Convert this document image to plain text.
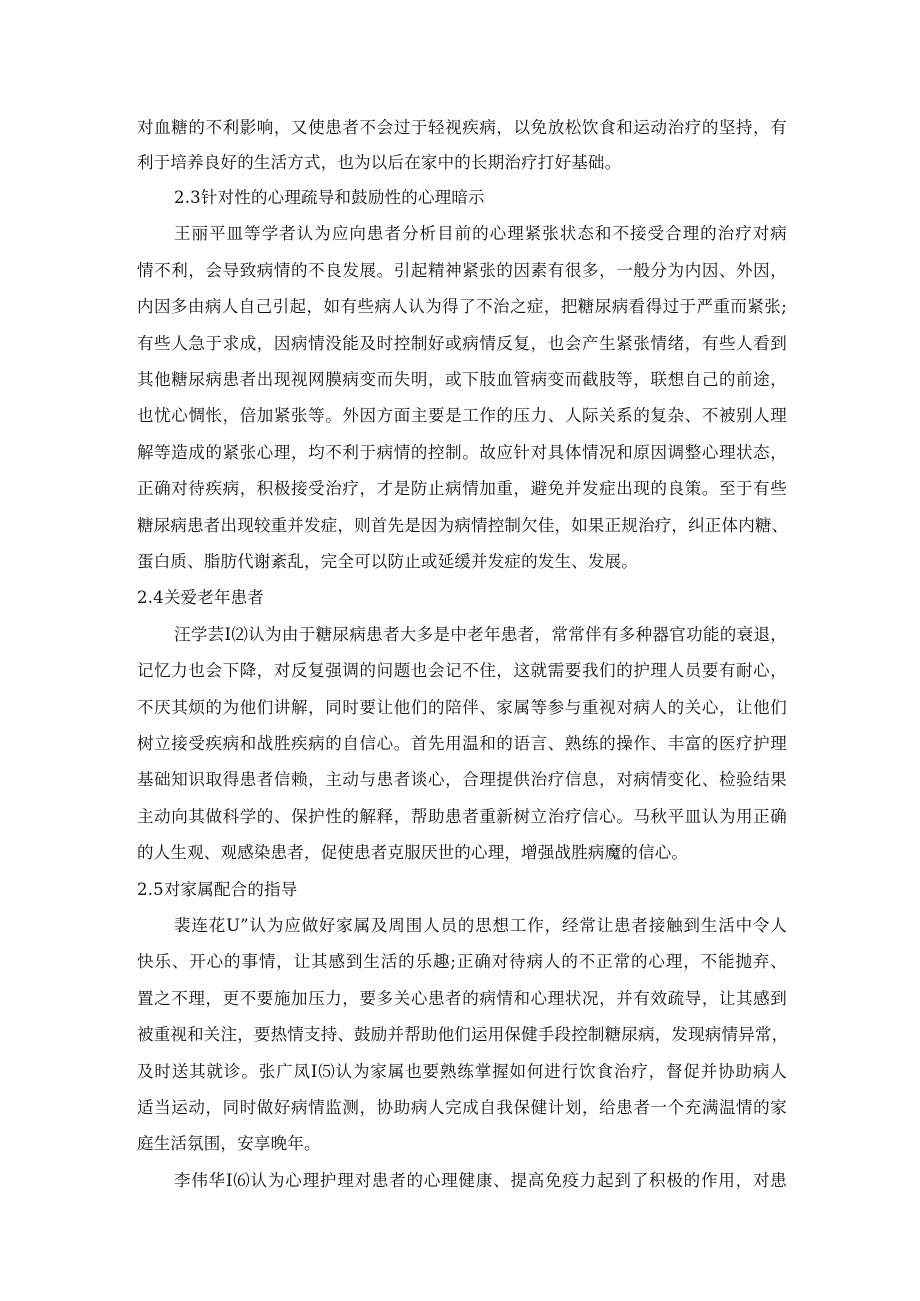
对血糖的不利影响，又使患者不会过于轻视疾病，以免放松饮食和运动治疗的坚持，有
利于培养良好的生活方式，也为以后在家中的长期治疗打好基础。
2.3针对性的心理疏导和鼓励性的心理暗示
王丽平皿等学者认为应向患者分析目前的心理紧张状态和不接受合理的治疗对病
情不利，会导致病情的不良发展。引起精神紧张的因素有很多，一般分为内因、外因，
内因多由病人自己引起，如有些病人认为得了不治之症，把糖尿病看得过于严重而紧张;
有些人急于求成，因病情没能及时控制好或病情反复，也会产生紧张情绪，有些人看到
其他糖尿病患者出现视网膜病变而失明，或下肢血管病变而截肢等，联想自己的前途，
也忧心惆怅，倍加紧张等。外因方面主要是工作的压力、人际关系的复杂、不被别人理
解等造成的紧张心理，均不利于病情的控制。故应针对具体情况和原因调整心理状态，
正确对待疾病，积极接受治疗，才是防止病情加重，避免并发症出现的良策。至于有些
糖尿病患者出现较重并发症，则首先是因为病情控制欠佳，如果正规治疗，纠正体内糖、
蛋白质、脂肪代谢紊乱，完全可以防止或延缓并发症的发生、发展。
2.4关爱老年患者
汪学芸I⑵认为由于糖尿病患者大多是中老年患者，常常伴有多种器官功能的衰退，
记忆力也会下降，对反复强调的问题也会记不住，这就需要我们的护理人员要有耐心，
不厌其烦的为他们讲解，同时要让他们的陪伴、家属等参与重视对病人的关心，让他们
树立接受疾病和战胜疾病的自信心。首先用温和的语言、熟练的操作、丰富的医疗护理
基础知识取得患者信赖，主动与患者谈心，合理提供治疗信息，对病情变化、检验结果
主动向其做科学的、保护性的解释，帮助患者重新树立治疗信心。马秋平皿认为用正确
的人生观、观感染患者，促使患者克服厌世的心理，增强战胜病魔的信心。
2.5对家属配合的指导
裴连花U”认为应做好家属及周围人员的思想工作，经常让患者接触到生活中令人
快乐、开心的事情，让其感到生活的乐趣;正确对待病人的不正常的心理，不能抛弃、
置之不理，更不要施加压力，要多关心患者的病情和心理状况，并有效疏导，让其感到
被重视和关注，要热情支持、鼓励并帮助他们运用保健手段控制糖尿病，发现病情异常，
及时送其就诊。张广凤I⑸认为家属也要熟练掌握如何进行饮食治疗，督促并协助病人
适当运动，同时做好病情监测，协助病人完成自我保健计划，给患者一个充满温情的家
庭生活氛围，安享晚年。
李伟华I⑹认为心理护理对患者的心理健康、提高免疫力起到了积极的作用，对患
